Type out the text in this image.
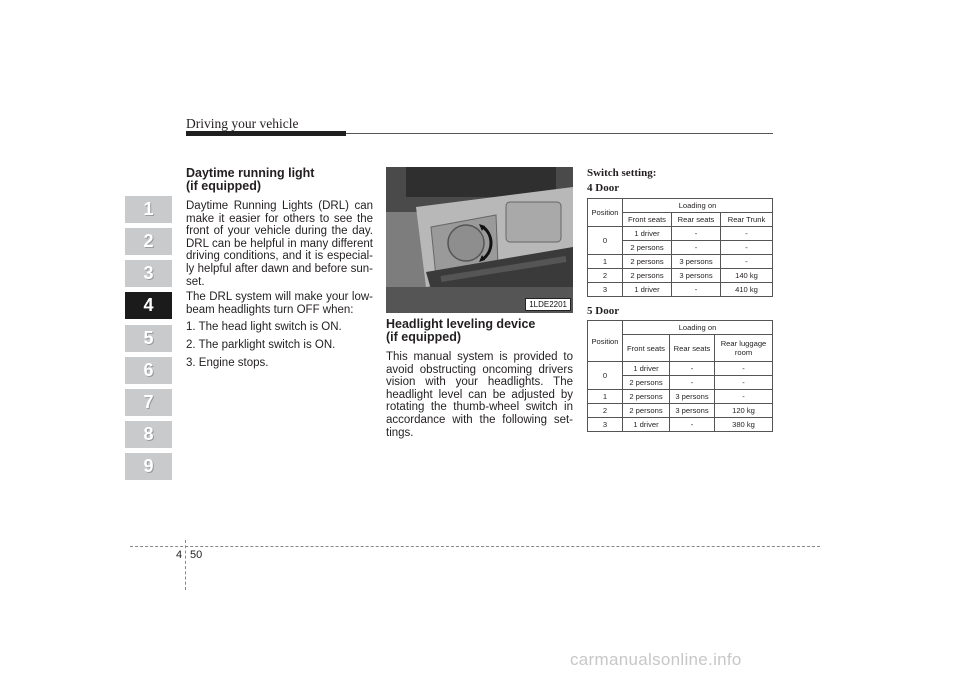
Driving your vehicle
1
2
3
4
5
6
7
8
9
Daytime running light
(if equipped)
Daytime Running Lights (DRL) can make it easier for others to see the front of your vehicle during the day. DRL can be helpful in many different driving conditions, and it is especial-ly helpful after dawn and before sun-set.
The DRL system will make your low-beam headlights turn OFF when:
1. The head light switch is ON.
2. The parklight switch is ON.
3. Engine stops.
1LDE2201
Headlight leveling device
(if equipped)
This manual system is provided to avoid obstructing oncoming drivers vision with your headlights. The headlight level can be adjusted by rotating the thumb-wheel switch in accordance with the following set-tings.
Switch setting:
4 Door
Position	Loading on		
	Front seats	Rear seats	Rear Trunk
0	1 driver	-	-
	2 persons	-	-
1	2 persons	3 persons	-
2	2 persons	3 persons	140 kg
3	1 driver	-	410 kg
5 Door
Position	Loading on		
	Front seats	Rear seats	Rear luggage
room

0	1 driver	-	-
	2 persons	-	-
1	2 persons	3 persons	-
2	2 persons	3 persons	120 kg
3	1 driver	-	380 kg
4 50
carmanualsonline.info
